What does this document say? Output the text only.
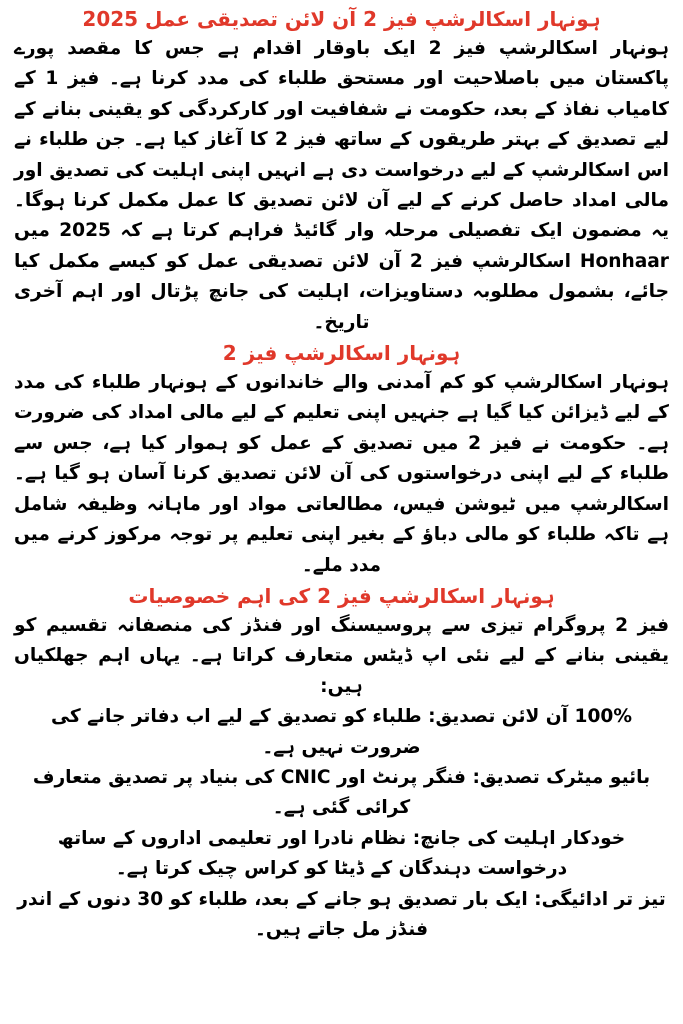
ہونہار اسکالرشپ فیز 2 آن لائن تصدیقی عمل 2025

ہونہار اسکالرشپ فیز 2 ایک باوقار اقدام ہے جس کا مقصد پورے پاکستان میں باصلاحیت اور مستحق طلباء کی مدد کرنا ہے۔ فیز 1 کے کامیاب نفاذ کے بعد، حکومت نے شفافیت اور کارکردگی کو یقینی بنانے کے لیے تصدیق کے بہتر طریقوں کے ساتھ فیز 2 کا آغاز کیا ہے۔ جن طلباء نے اس اسکالرشپ کے لیے درخواست دی ہے انہیں اپنی اہلیت کی تصدیق اور مالی امداد حاصل کرنے کے لیے آن لائن تصدیق کا عمل مکمل کرنا ہوگا۔ یہ مضمون ایک تفصیلی مرحلہ وار گائیڈ فراہم کرتا ہے کہ 2025 میں Honhaar اسکالرشپ فیز 2 آن لائن تصدیقی عمل کو کیسے مکمل کیا جائے، بشمول مطلوبہ دستاویزات، اہلیت کی جانچ پڑتال اور اہم آخری تاریخ۔

ہونہار اسکالرشپ فیز 2

ہونہار اسکالرشپ کو کم آمدنی والے خاندانوں کے ہونہار طلباء کی مدد کے لیے ڈیزائن کیا گیا ہے جنہیں اپنی تعلیم کے لیے مالی امداد کی ضرورت ہے۔ حکومت نے فیز 2 میں تصدیق کے عمل کو ہموار کیا ہے، جس سے طلباء کے لیے اپنی درخواستوں کی آن لائن تصدیق کرنا آسان ہو گیا ہے۔ اسکالرشپ میں ٹیوشن فیس، مطالعاتی مواد اور ماہانہ وظیفہ شامل ہے تاکہ طلباء کو مالی دباؤ کے بغیر اپنی تعلیم پر توجہ مرکوز کرنے میں مدد ملے۔

ہونہار اسکالرشپ فیز 2 کی اہم خصوصیات

فیز 2 پروگرام تیزی سے پروسیسنگ اور فنڈز کی منصفانہ تقسیم کو یقینی بنانے کے لیے نئی اپ ڈیٹس متعارف کراتا ہے۔ یہاں اہم جھلکیاں ہیں:

100% آن لائن تصدیق: طلباء کو تصدیق کے لیے اب دفاتر جانے کی ضرورت نہیں ہے۔

بائیو میٹرک تصدیق: فنگر پرنٹ اور CNIC کی بنیاد پر تصدیق متعارف کرائی گئی ہے۔

خودکار اہلیت کی جانچ: نظام نادرا اور تعلیمی اداروں کے ساتھ درخواست دہندگان کے ڈیٹا کو کراس چیک کرتا ہے۔

تیز تر ادائیگی: ایک بار تصدیق ہو جانے کے بعد، طلباء کو 30 دنوں کے اندر فنڈز مل جاتے ہیں۔
